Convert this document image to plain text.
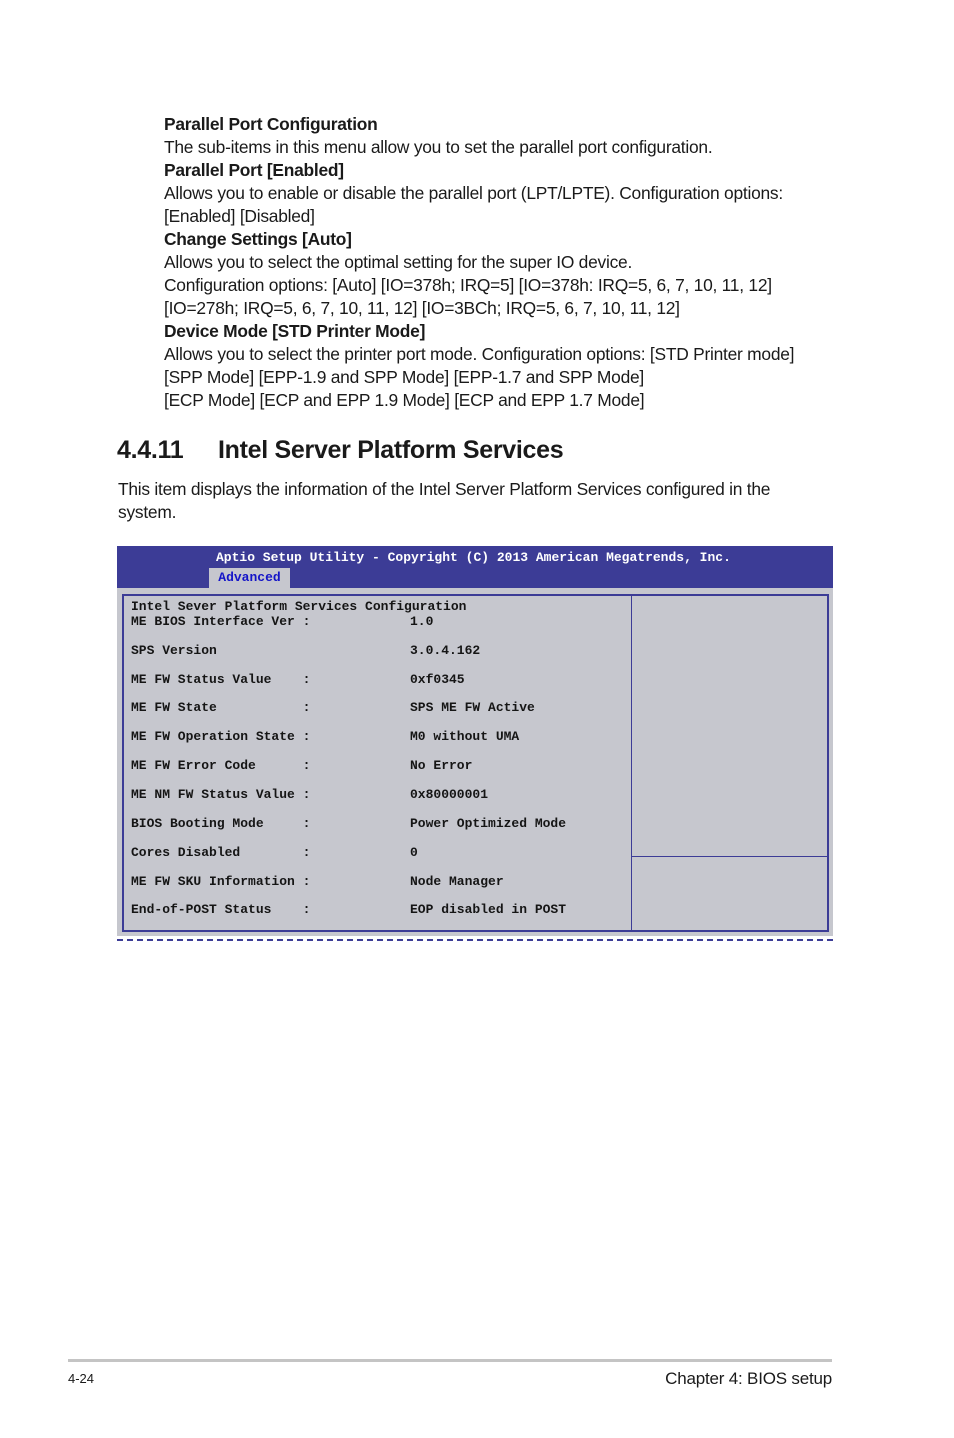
Parallel Port Configuration

The sub-items in this menu allow you to set the parallel port configuration.

Parallel Port [Enabled]

Allows you to enable or disable the parallel port (LPT/LPTE). Configuration options:

[Enabled] [Disabled]

Change Settings [Auto]

Allows you to select the optimal setting for the super IO device.

Configuration options: [Auto] [IO=378h; IRQ=5] [IO=378h: IRQ=5, 6, 7, 10, 11, 12]

[IO=278h; IRQ=5, 6, 7, 10, 11, 12] [IO=3BCh; IRQ=5, 6, 7, 10, 11, 12]

Device Mode [STD Printer Mode]

Allows you to select the printer port mode. Configuration options: [STD Printer mode]

[SPP Mode] [EPP-1.9 and SPP Mode] [EPP-1.7 and SPP Mode]

[ECP Mode] [ECP and EPP 1.9 Mode] [ECP and EPP 1.7 Mode]

4.4.11 Intel Server Platform Services

This item displays the information of the Intel Server Platform Services configured in the

system.

Aptio Setup Utility - Copyright (C) 2013 American Megatrends, Inc.
Advanced
Intel Sever Platform Services Configuration
ME BIOS Interface Ver :	1.0
SPS Version	3.0.4.162
ME FW Status Value    :	0xf0345
ME FW State           :	SPS ME FW Active
ME FW Operation State :	M0 without UMA
ME FW Error Code      :	No Error
ME NM FW Status Value :	0x80000001
BIOS Booting Mode     :	Power Optimized Mode
Cores Disabled        :	0
ME FW SKU Information :	Node Manager
End-of-POST Status    :	EOP disabled in POST
4-24	Chapter 4: BIOS setup
